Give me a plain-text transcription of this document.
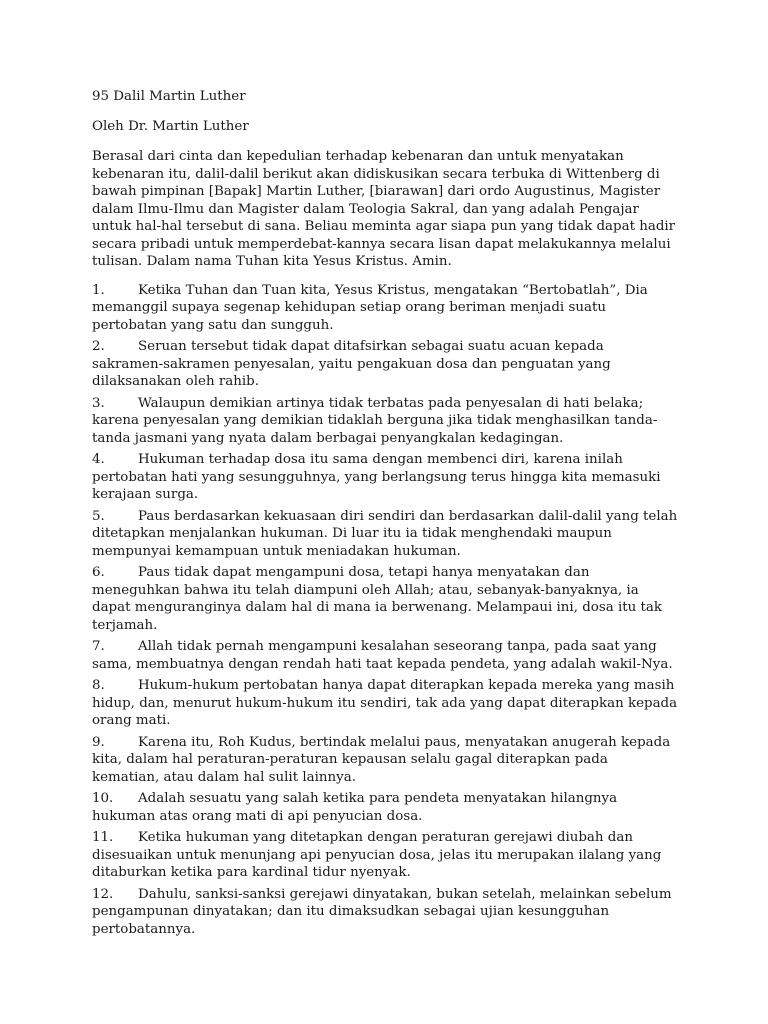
95 Dalil Martin Luther
Oleh Dr. Martin Luther
Berasal dari cinta dan kepedulian terhadap kebenaran dan untuk menyatakan kebenaran itu, dalil-dalil berikut akan didiskusikan secara terbuka di Wittenberg di bawah pimpinan [Bapak] Martin Luther, [biarawan] dari ordo Augustinus, Magister dalam Ilmu-Ilmu dan Magister dalam Teologia Sakral, dan yang adalah Pengajar untuk hal-hal tersebut di sana. Beliau meminta agar siapa pun yang tidak dapat hadir secara pribadi untuk memperdebat-kannya secara lisan dapat melakukannya melalui tulisan. Dalam nama Tuhan kita Yesus Kristus. Amin.
1. Ketika Tuhan dan Tuan kita, Yesus Kristus, mengatakan “Bertobatlah”, Dia memanggil supaya segenap kehidupan setiap orang beriman menjadi suatu pertobatan yang satu dan sungguh.
2. Seruan tersebut tidak dapat ditafsirkan sebagai suatu acuan kepada sakramen-sakramen penyesalan, yaitu pengakuan dosa dan penguatan yang dilaksanakan oleh rahib.
3. Walaupun demikian artinya tidak terbatas pada penyesalan di hati belaka; karena penyesalan yang demikian tidaklah berguna jika tidak menghasilkan tanda-tanda jasmani yang nyata dalam berbagai penyangkalan kedagingan.
4. Hukuman terhadap dosa itu sama dengan membenci diri, karena inilah pertobatan hati yang sesungguhnya, yang berlangsung terus hingga kita memasuki kerajaan surga.
5. Paus berdasarkan kekuasaan diri sendiri dan berdasarkan dalil-dalil yang telah ditetapkan menjalankan hukuman. Di luar itu ia tidak menghendaki maupun mempunyai kemampuan untuk meniadakan hukuman.
6. Paus tidak dapat mengampuni dosa, tetapi hanya menyatakan dan meneguhkan bahwa itu telah diampuni oleh Allah; atau, sebanyak-banyaknya, ia dapat menguranginya dalam hal di mana ia berwenang. Melampaui ini, dosa itu tak terjamah.
7. Allah tidak pernah mengampuni kesalahan seseorang tanpa, pada saat yang sama, membuatnya dengan rendah hati taat kepada pendeta, yang adalah wakil-Nya.
8. Hukum-hukum pertobatan hanya dapat diterapkan kepada mereka yang masih hidup, dan, menurut hukum-hukum itu sendiri, tak ada yang dapat diterapkan kepada orang mati.
9. Karena itu, Roh Kudus, bertindak melalui paus, menyatakan anugerah kepada kita, dalam hal peraturan-peraturan kepausan selalu gagal diterapkan pada kematian, atau dalam hal sulit lainnya.
10. Adalah sesuatu yang salah ketika para pendeta menyatakan hilangnya hukuman atas orang mati di api penyucian dosa.
11. Ketika hukuman yang ditetapkan dengan peraturan gerejawi diubah dan disesuaikan untuk menunjang api penyucian dosa, jelas itu merupakan ilalang yang ditaburkan ketika para kardinal tidur nyenyak.
12. Dahulu, sanksi-sanksi gerejawi dinyatakan, bukan setelah, melainkan sebelum pengampunan dinyatakan; dan itu dimaksudkan sebagai ujian kesungguhan pertobatannya.
